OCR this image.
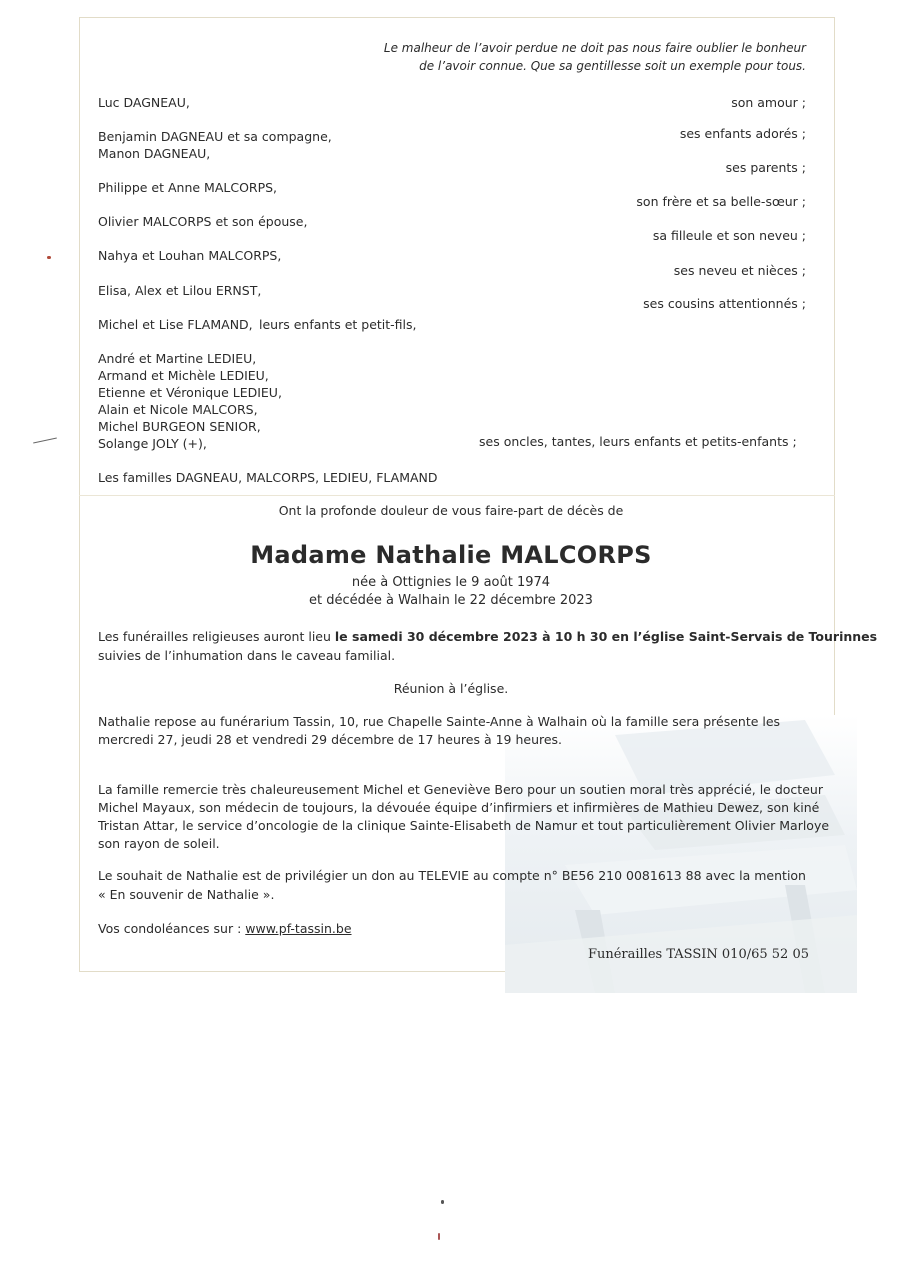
Le malheur de l’avoir perdue ne doit pas nous faire oublier le bonheur
de l’avoir connue. Que sa gentillesse soit un exemple pour tous.
Luc DAGNEAU,
Benjamin DAGNEAU et sa compagne,
Manon DAGNEAU,
Philippe et Anne MALCORPS,
Olivier MALCORPS et son épouse,
Nahya et Louhan MALCORPS,
Elisa, Alex et Lilou ERNST,
Michel et Lise FLAMAND, leurs enfants et petit-fils,
André et Martine LEDIEU,
Armand et Michèle LEDIEU,
Etienne et Véronique LEDIEU,
Alain et Nicole MALCORS,
Michel BURGEON SENIOR,
Solange JOLY (+),
Les familles DAGNEAU, MALCORPS, LEDIEU, FLAMAND
son amour ;
ses enfants adorés ;
ses parents ;
son frère et sa belle-sœur ;
sa filleule et son neveu ;
ses neveu et nièces ;
ses cousins attentionnés ;
ses oncles, tantes, leurs enfants et petits-enfants ;
Ont la profonde douleur de vous faire-part de décès de
Madame Nathalie MALCORPS
née à Ottignies le 9 août 1974
et décédée à Walhain le 22 décembre 2023
Les funérailles religieuses auront lieu le samedi 30 décembre 2023 à 10 h 30 en l’église Saint-Servais de Tourinnes
suivies de l’inhumation dans le caveau familial.
Réunion à l’église.
Nathalie repose au funérarium Tassin, 10, rue Chapelle Sainte-Anne à Walhain où la famille sera présente les
mercredi 27, jeudi 28 et vendredi 29 décembre de 17 heures à 19 heures.
La famille remercie très chaleureusement Michel et Geneviève Bero pour un soutien moral très apprécié, le docteur
Michel Mayaux, son médecin de toujours, la dévouée équipe d’infirmiers et infirmières de Mathieu Dewez, son kiné
Tristan Attar, le service d’oncologie de la clinique Sainte-Elisabeth de Namur et tout particulièrement Olivier Marloye
son rayon de soleil.
Le souhait de Nathalie est de privilégier un don au TELEVIE au compte n° BE56 210 0081613 88 avec la mention
« En souvenir de Nathalie ».
Vos condoléances sur : www.pf-tassin.be
Funérailles TASSIN 010/65 52 05
